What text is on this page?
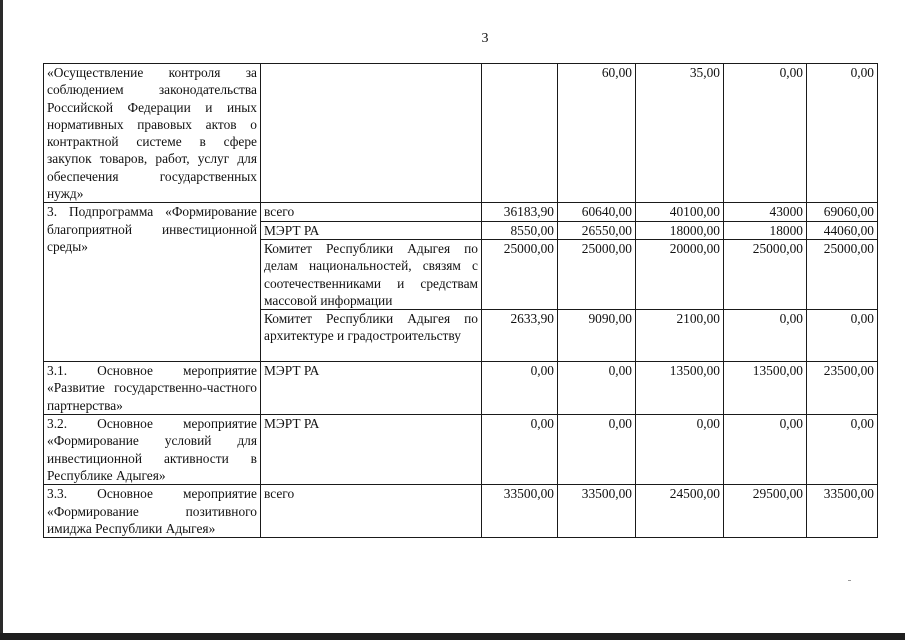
3
«Осуществление контроля за соблюдением законодательства Российской Федерации и иных нормативных правовых актов о контрактной системе в сфере закупок товаров, работ, услуг для обеспечения государственных нужд»			60,00	35,00	0,00	0,00
3. Подпрограмма «Формирование благоприятной инвестиционной среды»	всего	36183,90	60640,00	40100,00	43000	69060,00
	МЭРТ РА	8550,00	26550,00	18000,00	18000	44060,00
	Комитет Республики Адыгея по делам национальностей, связям с соотечественниками и средствам массовой информации	25000,00	25000,00	20000,00	25000,00	25000,00
	Комитет Республики Адыгея по архитектуре и градостроительству	2633,90	9090,00	2100,00	0,00	0,00
3.1. Основное мероприятие «Развитие государственно-частного партнерства»	МЭРТ РА	0,00	0,00	13500,00	13500,00	23500,00
3.2. Основное мероприятие «Формирование условий для инвестиционной активности в Республике Адыгея»	МЭРТ РА	0,00	0,00	0,00	0,00	0,00
3.3. Основное мероприятие «Формирование позитивного имиджа Республики Адыгея»	всего	33500,00	33500,00	24500,00	29500,00	33500,00
